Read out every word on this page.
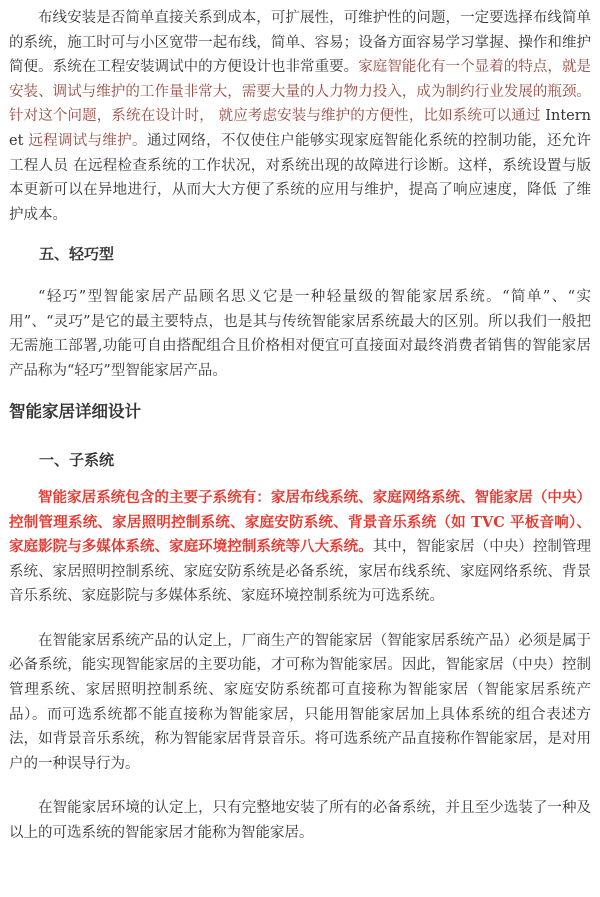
布线安装是否简单直接关系到成本，可扩展性，可维护性的问题，一定要选择布线简单的系统，施工时可与小区宽带一起布线，简单、容易；设备方面容易学习掌握、操作和维护简便。系统在工程安装调试中的方便设计也非常重要。家庭智能化有一个显着的特点，就是安装、调试与维护的工作量非常大，需要大量的人力物力投入，成为制约行业发展的瓶颈。针对这个问题，系统在设计时， 就应考虑安装与维护的方便性，比如系统可以通过 Internet 远程调试与维护。通过网络，不仅使住户能够实现家庭智能化系统的控制功能，还允许工程人员 在远程检查系统的工作状况，对系统出现的故障进行诊断。这样，系统设置与版本更新可以在异地进行，从而大大方便了系统的应用与维护，提高了响应速度，降低 了维护成本。

五、轻巧型

“轻巧”型智能家居产品顾名思义它是一种轻量级的智能家居系统。“简单”、“实用”、“灵巧”是它的最主要特点，也是其与传统智能家居系统最大的区别。所以我们一般把无需施工部署,功能可自由搭配组合且价格相对便宜可直接面对最终消费者销售的智能家居产品称为“轻巧”型智能家居产品。

智能家居详细设计
一、子系统

智能家居系统包含的主要子系统有：家居布线系统、家庭网络系统、智能家居（中央）控制管理系统、家居照明控制系统、家庭安防系统、背景音乐系统（如 TVC 平板音响）、家庭影院与多媒体系统、家庭环境控制系统等八大系统。其中，智能家居（中央）控制管理系统、家居照明控制系统、家庭安防系统是必备系统，家居布线系统、家庭网络系统、背景音乐系统、家庭影院与多媒体系统、家庭环境控制系统为可选系统。

在智能家居系统产品的认定上，厂商生产的智能家居（智能家居系统产品）必须是属于必备系统，能实现智能家居的主要功能，才可称为智能家居。因此，智能家居（中央）控制管理系统、家居照明控制系统、家庭安防系统都可直接称为智能家居（智能家居系统产品）。而可选系统都不能直接称为智能家居，只能用智能家居加上具体系统的组合表述方法，如背景音乐系统，称为智能家居背景音乐。将可选系统产品直接称作智能家居，是对用户的一种误导行为。

在智能家居环境的认定上，只有完整地安装了所有的必备系统，并且至少选装了一种及以上的可选系统的智能家居才能称为智能家居。
